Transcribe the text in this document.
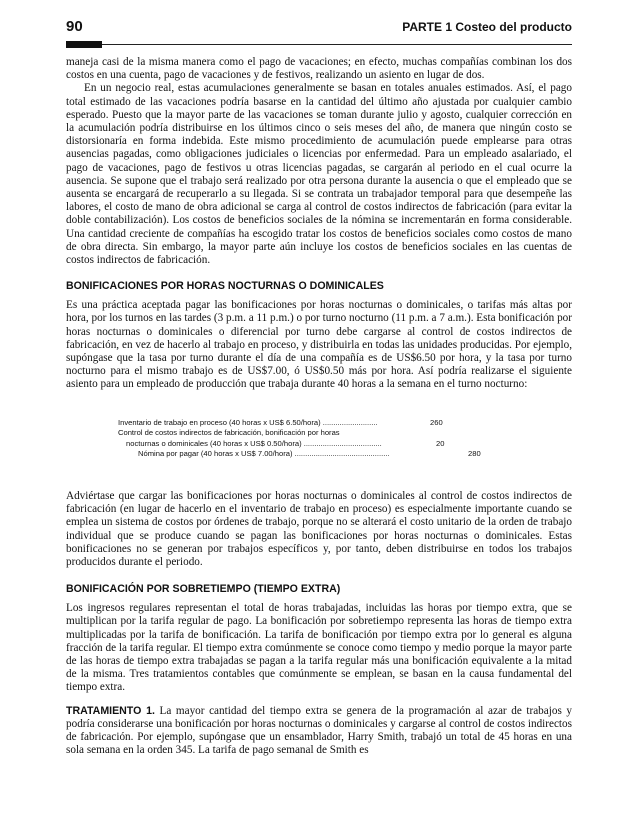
90	PARTE 1 Costeo del producto

maneja casi de la misma manera como el pago de vacaciones; en efecto, muchas compañías combinan los dos costos en una cuenta, pago de vacaciones y de festivos, realizando un asiento en lugar de dos.

En un negocio real, estas acumulaciones generalmente se basan en totales anuales estimados. Así, el pago total estimado de las vacaciones podría basarse en la cantidad del último año ajustada por cualquier cambio esperado. Puesto que la mayor parte de las vacaciones se toman durante julio y agosto, cualquier corrección en la acumulación podría distribuirse en los últimos cinco o seis meses del año, de manera que ningún costo se distorsionaría en forma indebida. Este mismo procedimiento de acumulación puede emplearse para otras ausencias pagadas, como obligaciones judiciales o licencias por enfermedad. Para un empleado asalariado, el pago de vacaciones, pago de festivos u otras licencias pagadas, se cargarán al periodo en el cual ocurre la ausencia. Se supone que el trabajo será realizado por otra persona durante la ausencia o que el empleado que se ausenta se encargará de recuperarlo a su llegada. Si se contrata un trabajador temporal para que desempeñe las labores, el costo de mano de obra adicional se carga al control de costos indirectos de fabricación (para evitar la doble contabilización). Los costos de beneficios sociales de la nómina se incrementarán en forma considerable. Una cantidad creciente de compañías ha escogido tratar los costos de beneficios sociales como costos de mano de obra directa. Sin embargo, la mayor parte aún incluye los costos de beneficios sociales en las cuentas de costos indirectos de fabricación.

BONIFICACIONES POR HORAS NOCTURNAS O DOMINICALES

Es una práctica aceptada pagar las bonificaciones por horas nocturnas o dominicales, o tarifas más altas por hora, por los turnos en las tardes (3 p.m. a 11 p.m.) o por turno nocturno (11 p.m. a 7 a.m.). Esta bonificación por horas nocturnas o dominicales o diferencial por turno debe cargarse al control de costos indirectos de fabricación, en vez de hacerlo al trabajo en proceso, y distribuirla en todas las unidades producidas. Por ejemplo, supóngase que la tasa por turno durante el día de una compañía es de US$6.50 por hora, y la tasa por turno nocturno para el mismo trabajo es de US$7.00, ó US$0.50 más por hora. Así podría realizarse el siguiente asiento para un empleado de producción que trabaja durante 40 horas a la semana en el turno nocturno:

Inventario de trabajo en proceso (40 horas x US$ 6.50/hora) ..........................	260
Control de costos indirectos de fabricación, bonificación por horas
nocturnas o dominicales (40 horas x US$ 0.50/hora) .....................................	20
Nómina por pagar (40 horas x US$ 7.00/hora) .............................................	280

Adviértase que cargar las bonificaciones por horas nocturnas o dominicales al control de costos indirectos de fabricación (en lugar de hacerlo en el inventario de trabajo en proceso) es especialmente importante cuando se emplea un sistema de costos por órdenes de trabajo, porque no se alterará el costo unitario de la orden de trabajo individual que se produce cuando se pagan las bonificaciones por horas nocturnas o dominicales. Estas bonificaciones no se generan por trabajos específicos y, por tanto, deben distribuirse en todos los trabajos producidos durante el periodo.

BONIFICACIÓN POR SOBRETIEMPO (TIEMPO EXTRA)

Los ingresos regulares representan el total de horas trabajadas, incluidas las horas por tiempo extra, que se multiplican por la tarifa regular de pago. La bonificación por sobretiempo representa las horas de tiempo extra multiplicadas por la tarifa de bonificación. La tarifa de bonificación por tiempo extra por lo general es alguna fracción de la tarifa regular. El tiempo extra comúnmente se conoce como tiempo y medio porque la mayor parte de las horas de tiempo extra trabajadas se pagan a la tarifa regular más una bonificación equivalente a la mitad de la misma. Tres tratamientos contables que comúnmente se emplean, se basan en la causa fundamental del tiempo extra.

TRATAMIENTO 1. La mayor cantidad del tiempo extra se genera de la programación al azar de trabajos y podría considerarse una bonificación por horas nocturnas o dominicales y cargarse al control de costos indirectos de fabricación. Por ejemplo, supóngase que un ensamblador, Harry Smith, trabajó un total de 45 horas en una sola semana en la orden 345. La tarifa de pago semanal de Smith es
